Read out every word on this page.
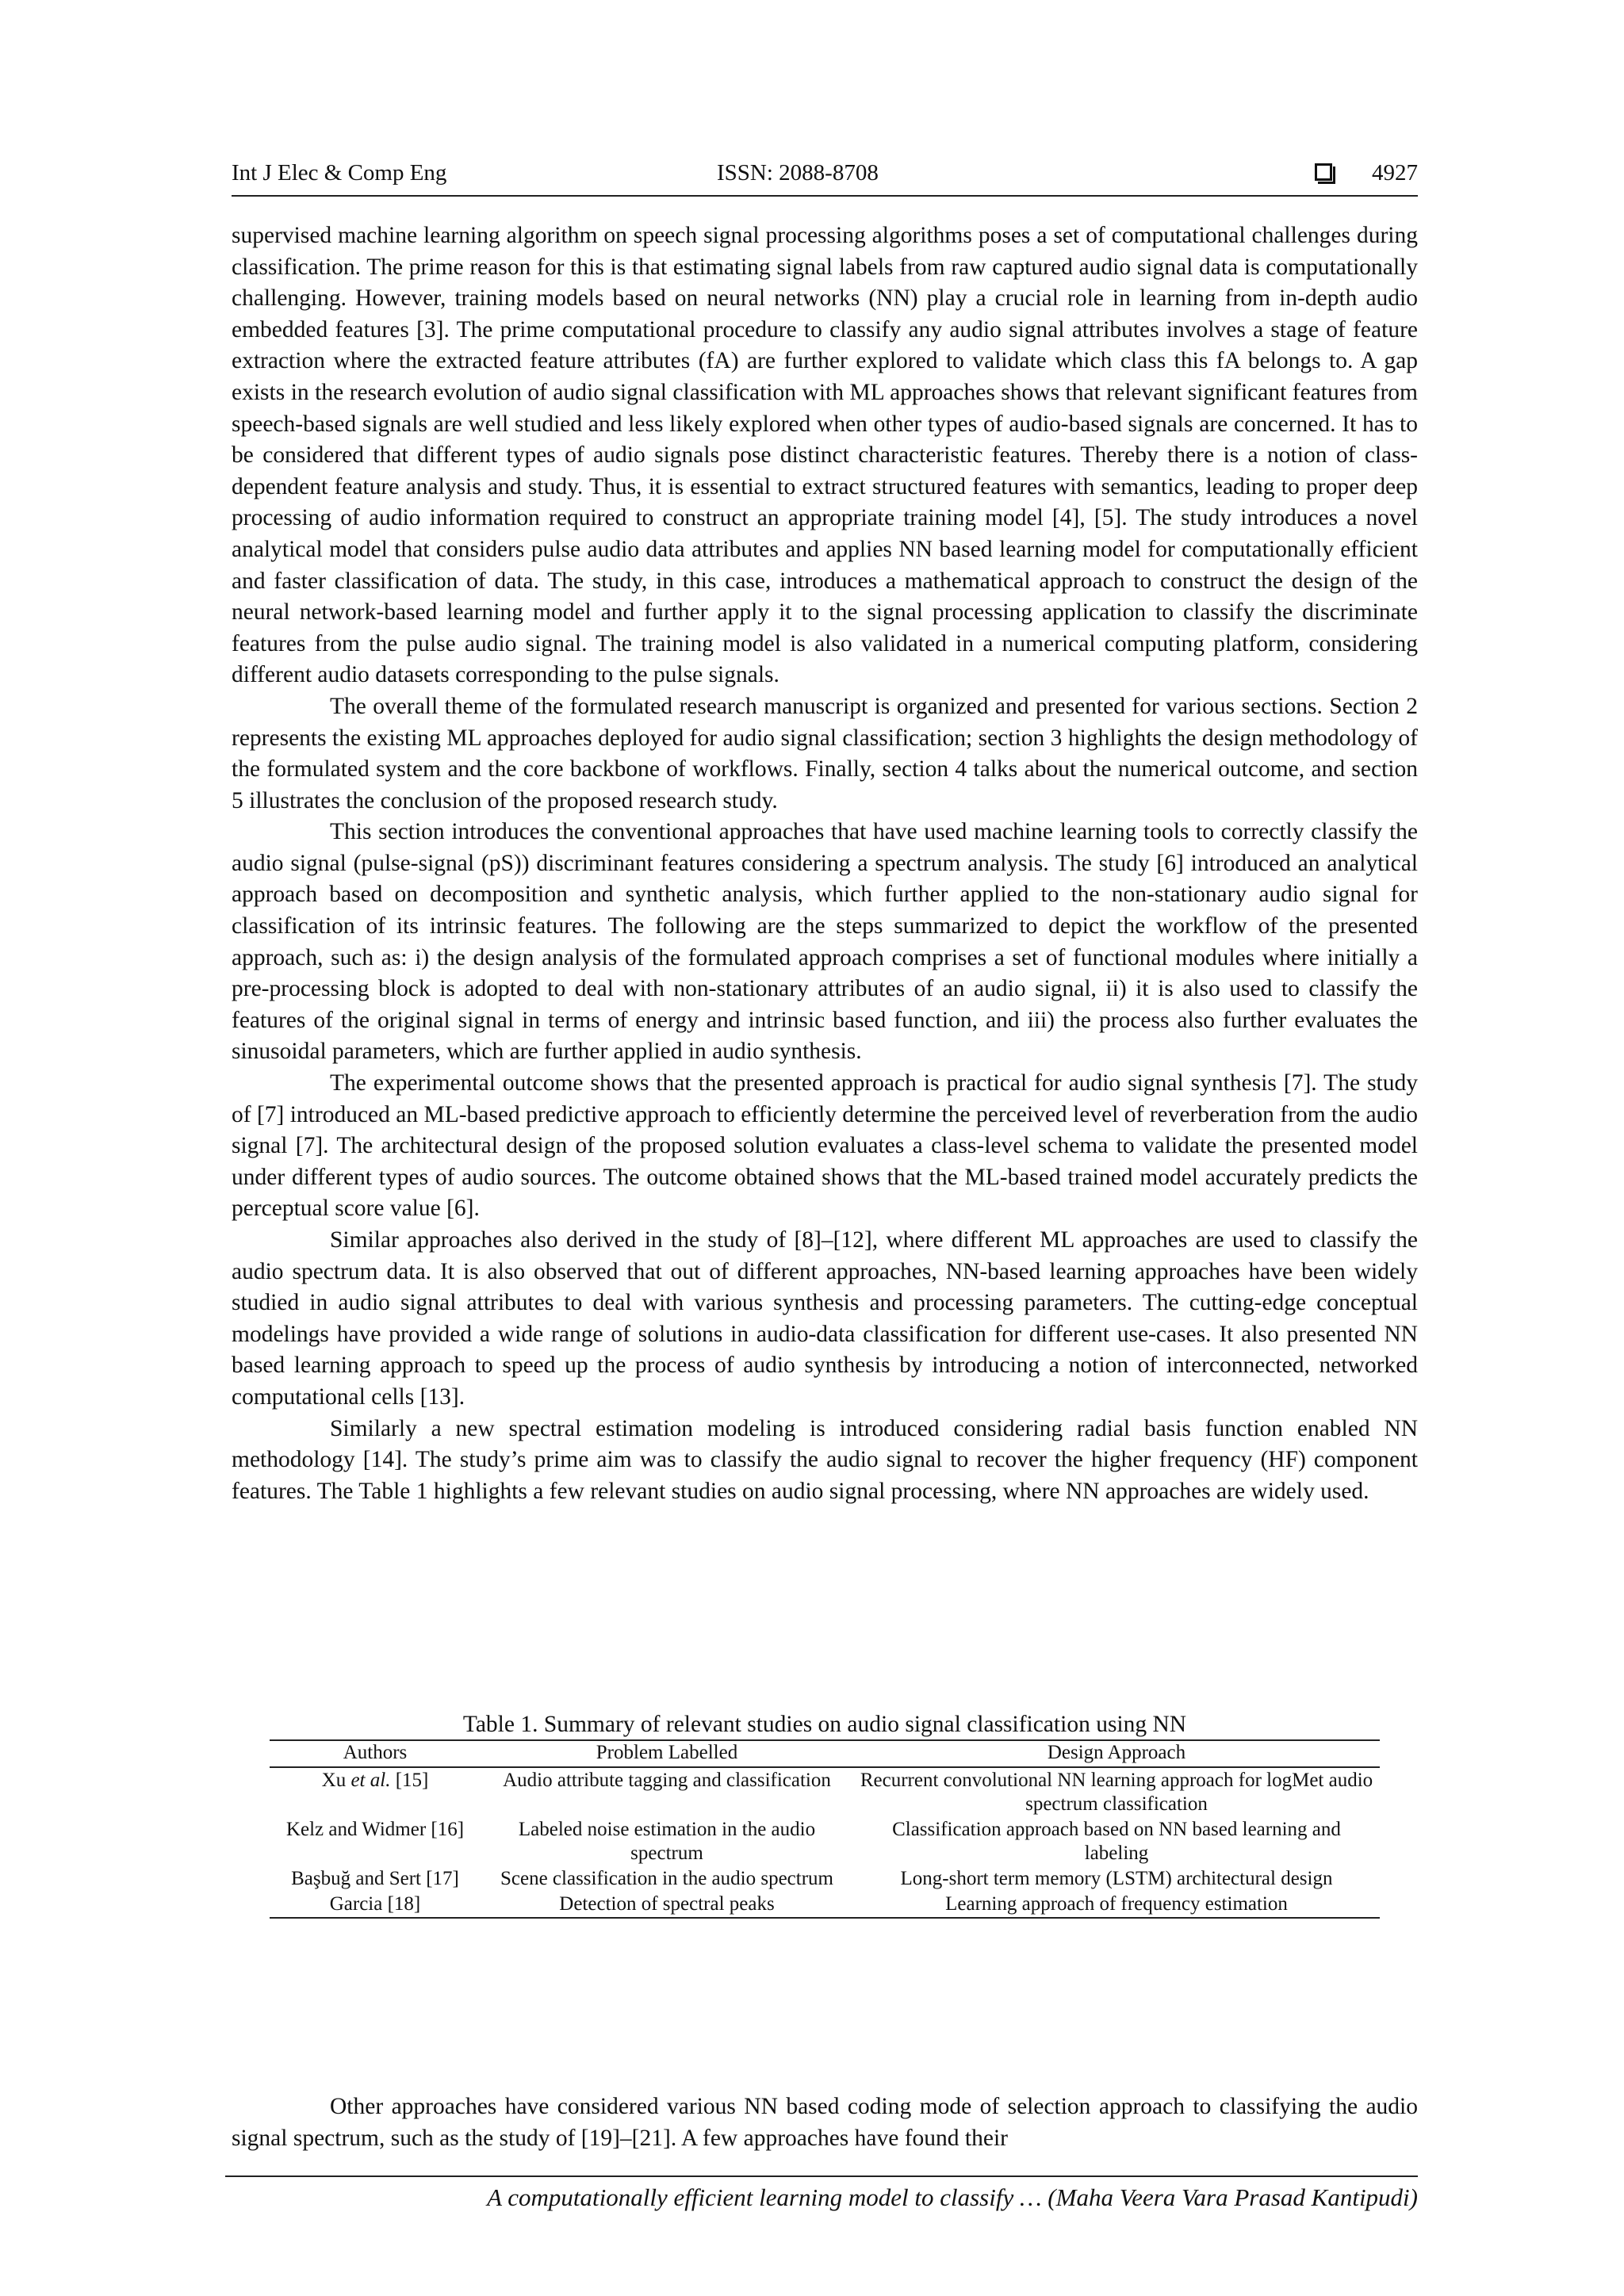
Int J Elec & Comp Eng	ISSN: 2088-8708	4927

supervised machine learning algorithm on speech signal processing algorithms poses a set of computational challenges during classification. The prime reason for this is that estimating signal labels from raw captured audio signal data is computationally challenging. However, training models based on neural networks (NN) play a crucial role in learning from in-depth audio embedded features [3]. The prime computational procedure to classify any audio signal attributes involves a stage of feature extraction where the extracted feature attributes (fA) are further explored to validate which class this fA belongs to. A gap exists in the research evolution of audio signal classification with ML approaches shows that relevant significant features from speech-based signals are well studied and less likely explored when other types of audio-based signals are concerned. It has to be considered that different types of audio signals pose distinct characteristic features. Thereby there is a notion of class-dependent feature analysis and study. Thus, it is essential to extract structured features with semantics, leading to proper deep processing of audio information required to construct an appropriate training model [4], [5]. The study introduces a novel analytical model that considers pulse audio data attributes and applies NN based learning model for computationally efficient and faster classification of data. The study, in this case, introduces a mathematical approach to construct the design of the neural network-based learning model and further apply it to the signal processing application to classify the discriminate features from the pulse audio signal. The training model is also validated in a numerical computing platform, considering different audio datasets corresponding to the pulse signals.

The overall theme of the formulated research manuscript is organized and presented for various sections. Section 2 represents the existing ML approaches deployed for audio signal classification; section 3 highlights the design methodology of the formulated system and the core backbone of workflows. Finally, section 4 talks about the numerical outcome, and section 5 illustrates the conclusion of the proposed research study.

This section introduces the conventional approaches that have used machine learning tools to correctly classify the audio signal (pulse-signal (pS)) discriminant features considering a spectrum analysis. The study [6] introduced an analytical approach based on decomposition and synthetic analysis, which further applied to the non-stationary audio signal for classification of its intrinsic features. The following are the steps summarized to depict the workflow of the presented approach, such as: i) the design analysis of the formulated approach comprises a set of functional modules where initially a pre-processing block is adopted to deal with non-stationary attributes of an audio signal, ii) it is also used to classify the features of the original signal in terms of energy and intrinsic based function, and iii) the process also further evaluates the sinusoidal parameters, which are further applied in audio synthesis.

The experimental outcome shows that the presented approach is practical for audio signal synthesis [7]. The study of [7] introduced an ML-based predictive approach to efficiently determine the perceived level of reverberation from the audio signal [7]. The architectural design of the proposed solution evaluates a class-level schema to validate the presented model under different types of audio sources. The outcome obtained shows that the ML-based trained model accurately predicts the perceptual score value [6].

Similar approaches also derived in the study of [8]–[12], where different ML approaches are used to classify the audio spectrum data. It is also observed that out of different approaches, NN-based learning approaches have been widely studied in audio signal attributes to deal with various synthesis and processing parameters. The cutting-edge conceptual modelings have provided a wide range of solutions in audio-data classification for different use-cases. It also presented NN based learning approach to speed up the process of audio synthesis by introducing a notion of interconnected, networked computational cells [13].

Similarly a new spectral estimation modeling is introduced considering radial basis function enabled NN methodology [14]. The study’s prime aim was to classify the audio signal to recover the higher frequency (HF) component features. The Table 1 highlights a few relevant studies on audio signal processing, where NN approaches are widely used.

Table 1. Summary of relevant studies on audio signal classification using NN
Authors	Problem Labelled	Design Approach
Xu et al. [15]	Audio attribute tagging and classification	Recurrent convolutional NN learning approach for logMet audio spectrum classification
Kelz and Widmer [16]	Labeled noise estimation in the audio spectrum	Classification approach based on NN based learning and labeling
Başbuğ and Sert [17]	Scene classification in the audio spectrum	Long-short term memory (LSTM) architectural design
Garcia [18]	Detection of spectral peaks	Learning approach of frequency estimation

Other approaches have considered various NN based coding mode of selection approach to classifying the audio signal spectrum, such as the study of [19]–[21]. A few approaches have found their

A computationally efficient learning model to classify … (Maha Veera Vara Prasad Kantipudi)
